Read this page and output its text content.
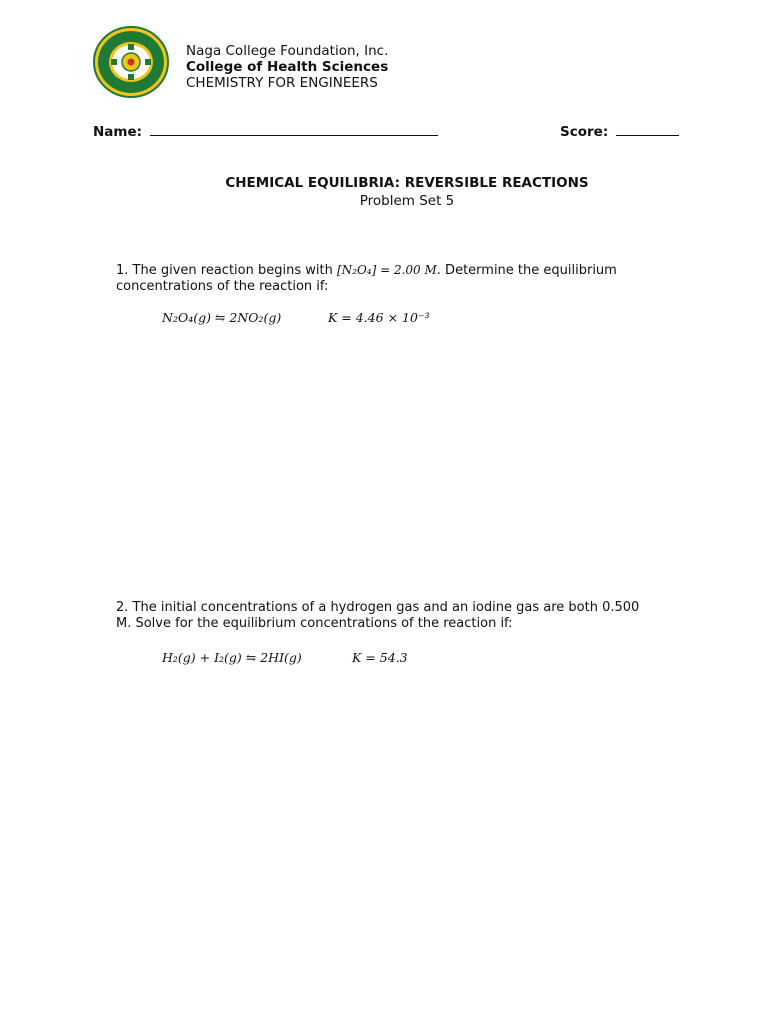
Naga College Foundation, Inc.
College of Health Sciences
CHEMISTRY FOR ENGINEERS
Name:	Score:
CHEMICAL EQUILIBRIA: REVERSIBLE REACTIONS
Problem Set 5
1. The given reaction begins with [N₂O₄] = 2.00 M. Determine the equilibrium concentrations of the reaction if:
N₂O₄(g) ⇋ 2NO₂(g)	K = 4.46 × 10⁻³
2. The initial concentrations of a hydrogen gas and an iodine gas are both 0.500 M. Solve for the equilibrium concentrations of the reaction if:
H₂(g) + I₂(g) ⇋ 2HI(g)	K = 54.3
